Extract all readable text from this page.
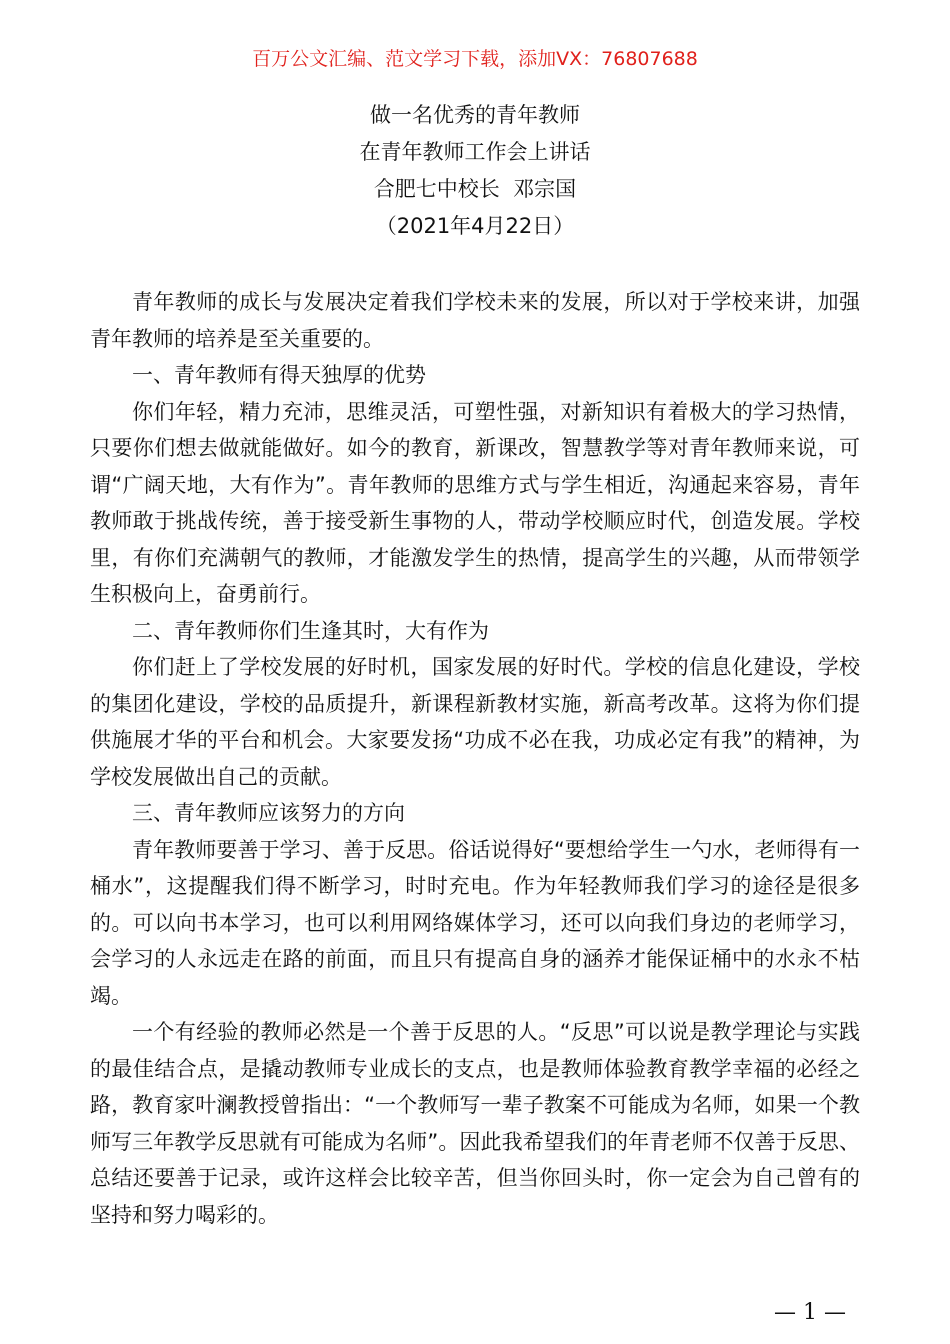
百万公文汇编、范文学习下载，添加VX：76807688
做一名优秀的青年教师
在青年教师工作会上讲话
合肥七中校长  邓宗国
（2021年4月22日）

青年教师的成长与发展决定着我们学校未来的发展，所以对于学校来讲，加强青年教师的培养是至关重要的。

一、青年教师有得天独厚的优势

你们年轻，精力充沛，思维灵活，可塑性强，对新知识有着极大的学习热情，只要你们想去做就能做好。如今的教育，新课改，智慧教学等对青年教师来说，可谓“广阔天地，大有作为”。青年教师的思维方式与学生相近，沟通起来容易，青年教师敢于挑战传统，善于接受新生事物的人，带动学校顺应时代，创造发展。学校里，有你们充满朝气的教师，才能激发学生的热情，提高学生的兴趣，从而带领学生积极向上，奋勇前行。

二、青年教师你们生逢其时，大有作为

你们赶上了学校发展的好时机，国家发展的好时代。学校的信息化建设，学校的集团化建设，学校的品质提升，新课程新教材实施，新高考改革。这将为你们提供施展才华的平台和机会。大家要发扬“功成不必在我，功成必定有我”的精神，为学校发展做出自己的贡献。

三、青年教师应该努力的方向

青年教师要善于学习、善于反思。俗话说得好“要想给学生一勺水，老师得有一桶水”，这提醒我们得不断学习，时时充电。作为年轻教师我们学习的途径是很多的。可以向书本学习，也可以利用网络媒体学习，还可以向我们身边的老师学习，会学习的人永远走在路的前面，而且只有提高自身的涵养才能保证桶中的水永不枯竭。

一个有经验的教师必然是一个善于反思的人。“反思”可以说是教学理论与实践的最佳结合点，是撬动教师专业成长的支点，也是教师体验教育教学幸福的必经之路，教育家叶澜教授曾指出：“一个教师写一辈子教案不可能成为名师，如果一个教师写三年教学反思就有可能成为名师”。因此我希望我们的年青老师不仅善于反思、总结还要善于记录，或许这样会比较辛苦，但当你回头时，你一定会为自己曾有的坚持和努力喝彩的。

— 1 —
